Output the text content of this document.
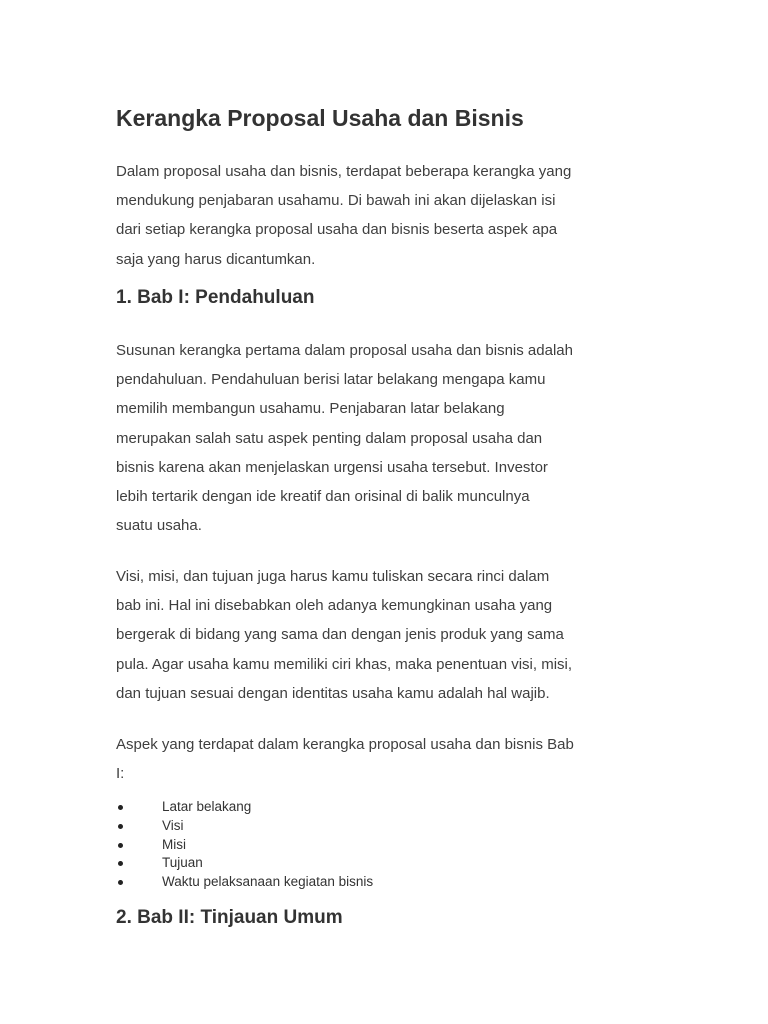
Kerangka Proposal Usaha dan Bisnis

Dalam proposal usaha dan bisnis, terdapat beberapa kerangka yang
mendukung penjabaran usahamu. Di bawah ini akan dijelaskan isi
dari setiap kerangka proposal usaha dan bisnis beserta aspek apa
saja yang harus dicantumkan.

1. Bab I: Pendahuluan

Susunan kerangka pertama dalam proposal usaha dan bisnis adalah
pendahuluan. Pendahuluan berisi latar belakang mengapa kamu
memilih membangun usahamu. Penjabaran latar belakang
merupakan salah satu aspek penting dalam proposal usaha dan
bisnis karena akan menjelaskan urgensi usaha tersebut. Investor
lebih tertarik dengan ide kreatif dan orisinal di balik munculnya
suatu usaha.

Visi, misi, dan tujuan juga harus kamu tuliskan secara rinci dalam
bab ini. Hal ini disebabkan oleh adanya kemungkinan usaha yang
bergerak di bidang yang sama dan dengan jenis produk yang sama
pula. Agar usaha kamu memiliki ciri khas, maka penentuan visi, misi,
dan tujuan sesuai dengan identitas usaha kamu adalah hal wajib.

Aspek yang terdapat dalam kerangka proposal usaha dan bisnis Bab
I:

Latar belakang
Visi
Misi
Tujuan
Waktu pelaksanaan kegiatan bisnis
2. Bab II: Tinjauan Umum
